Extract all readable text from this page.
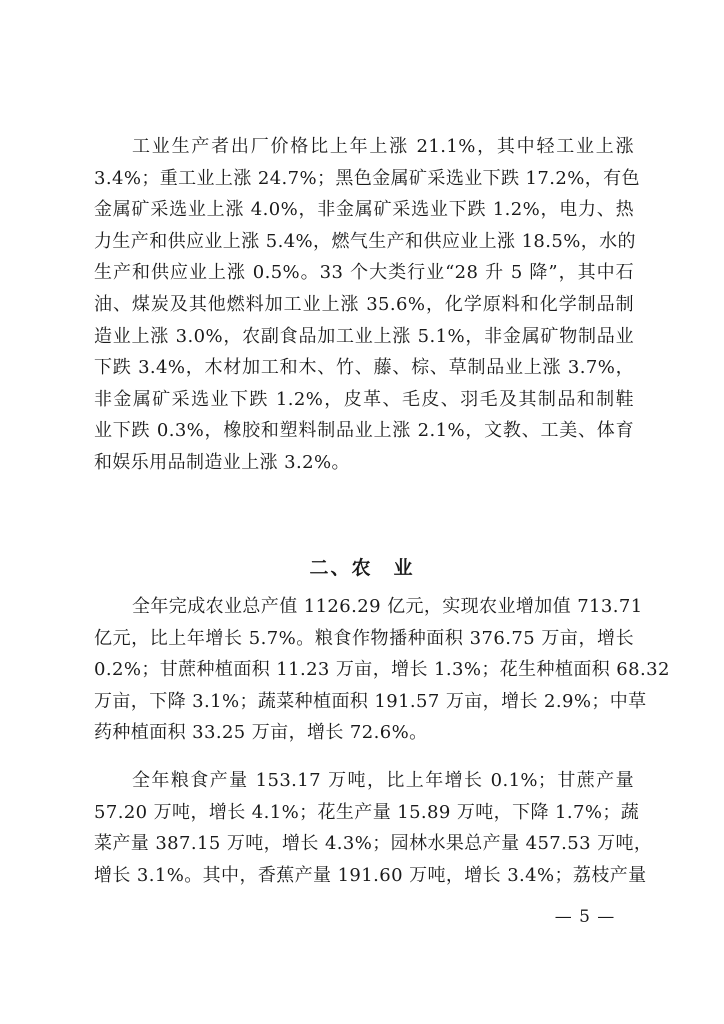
工业生产者出厂价格比上年上涨 21.1%，其中轻工业上涨
3.4%；重工业上涨 24.7%；黑色金属矿采选业下跌 17.2%，有色
金属矿采选业上涨 4.0%，非金属矿采选业下跌 1.2%，电力、热
力生产和供应业上涨 5.4%，燃气生产和供应业上涨 18.5%，水的
生产和供应业上涨 0.5%。33 个大类行业“28 升 5 降”，其中石
油、煤炭及其他燃料加工业上涨 35.6%，化学原料和化学制品制
造业上涨 3.0%，农副食品加工业上涨 5.1%，非金属矿物制品业
下跌 3.4%，木材加工和木、竹、藤、棕、草制品业上涨 3.7%，
非金属矿采选业下跌 1.2%，皮革、毛皮、羽毛及其制品和制鞋
业下跌 0.3%，橡胶和塑料制品业上涨 2.1%，文教、工美、体育
和娱乐用品制造业上涨 3.2%。

二、农　业

全年完成农业总产值 1126.29 亿元，实现农业增加值 713.71
亿元，比上年增长 5.7%。粮食作物播种面积 376.75 万亩，增长
0.2%；甘蔗种植面积 11.23 万亩，增长 1.3%；花生种植面积 68.32
万亩，下降 3.1%；蔬菜种植面积 191.57 万亩，增长 2.9%；中草
药种植面积 33.25 万亩，增长 72.6%。

全年粮食产量 153.17 万吨，比上年增长 0.1%；甘蔗产量
57.20 万吨，增长 4.1%；花生产量 15.89 万吨，下降 1.7%；蔬
菜产量 387.15 万吨，增长 4.3%；园林水果总产量 457.53 万吨，
增长 3.1%。其中，香蕉产量 191.60 万吨，增长 3.4%；荔枝产量

— 5 —
